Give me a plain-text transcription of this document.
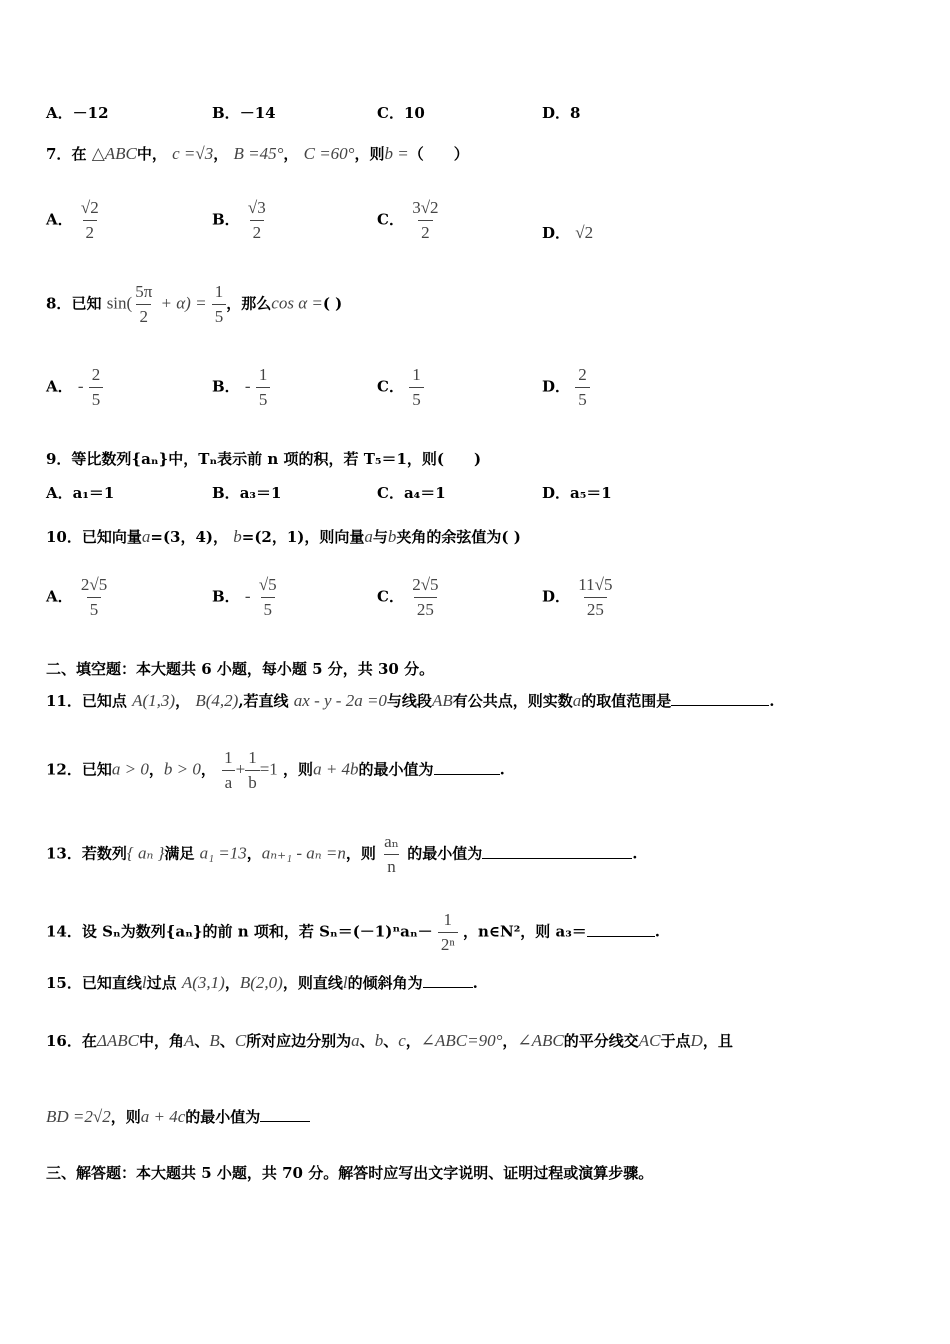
A．－12	B．－14	C．10	D．8
7．在 △ABC中， c =√3， B =45°， C =60°，则b =（　　）
A． $\frac{√2}{2}$	B． $\frac{√3}{2}$	C． $\frac{3√2}{2}$	D． √2
8．已知 $\sin( \frac{5\pi}{2} + \alpha) = \frac{1}{5}$ ，那么cos α =( )
A． - $\frac{2}{5}$	B． - $\frac{1}{5}$	C． $\frac{1}{5}$	D． $\frac{2}{5}$
9．等比数列{aₙ}中，Tₙ表示前 n 项的积，若 T₅＝1，则(　　)
A．a₁＝1	B．a₃＝1	C．a₄＝1	D．a₅＝1
10．已知向量a=(3，4)， b=(2，1)，则向量a与b夹角的余弦值为( )
A． $\frac{2√5}{5}$	B． - $\frac{√5}{5}$	C． $\frac{2√5}{25}$	D． $\frac{11√5}{25}$
二、填空题：本大题共 6 小题，每小题 5 分，共 30 分。
11．已知点 A(1,3)， B(4,2),若直线 ax - y - 2a =0与线段AB有公共点，则实数a的取值范围是	.
12．已知a > 0，b > 0， $\frac{1}{a} + \frac{1}{b} =1$ ，则a + 4b的最小值为	.
13．若数列{ aₙ }满足 a₁ =13，aₙ₊₁ - aₙ =n，则 $\frac{\text{aₙ}}{n}$ 的最小值为	.
14．设 Sₙ为数列{aₙ}的前 n 项和，若 $S_n=(-1)^na_n- \frac{1}{\text{2ⁿ}}$ ，n∈N²，则 a₃＝	.
15．已知直线l过点 A(3,1)，B(2,0)，则直线l的倾斜角为	.
16．在ΔABC中，角A、B、C所对应边分别为a、b、c，∠ABC=90°，∠ABC的平分线交AC于点D，且
BD =2√2，则a + 4c的最小值为
三、解答题：本大题共 5 小题，共 70 分。解答时应写出文字说明、证明过程或演算步骤。
